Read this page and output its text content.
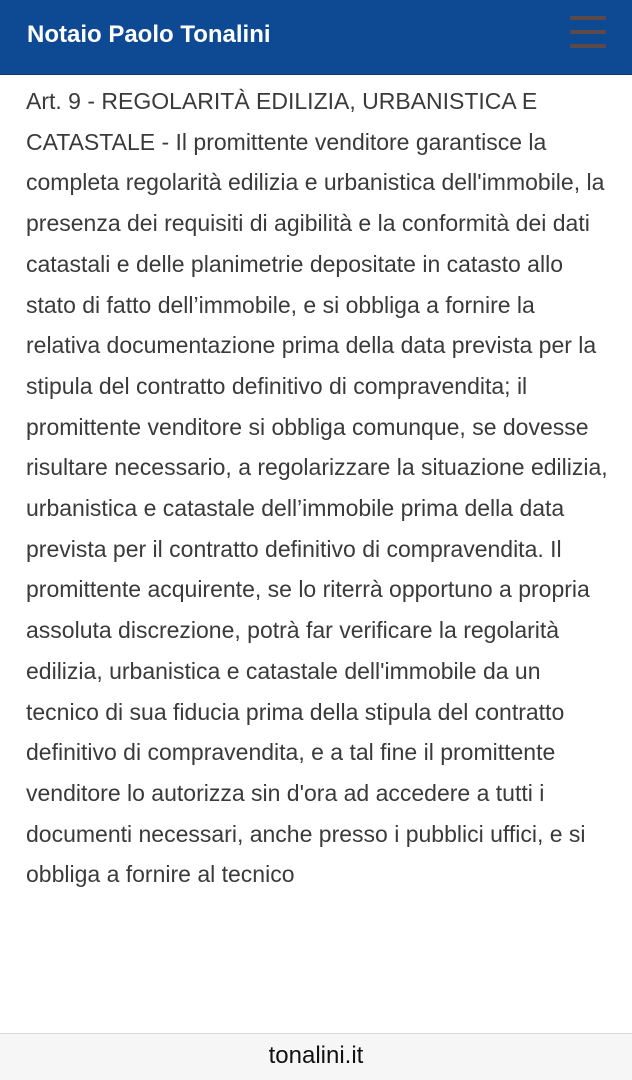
Notaio Paolo Tonalini

Art. 9 - REGOLARITÀ EDILIZIA, URBANISTICA E CATASTALE - Il promittente venditore garantisce la completa regolarità edilizia e urbanistica dell'immobile, la presenza dei requisiti di agibilità e la conformità dei dati catastali e delle planimetrie depositate in catasto allo stato di fatto dell’immobile, e si obbliga a fornire la relativa documentazione prima della data prevista per la stipula del contratto definitivo di compravendita; il promittente venditore si obbliga comunque, se dovesse risultare necessario, a regolarizzare la situazione edilizia, urbanistica e catastale dell’immobile prima della data prevista per il contratto definitivo di compravendita. Il promittente acquirente, se lo riterrà opportuno a propria assoluta discrezione, potrà far verificare la regolarità edilizia, urbanistica e catastale dell'immobile da un tecnico di sua fiducia prima della stipula del contratto definitivo di compravendita, e a tal fine il promittente venditore lo autorizza sin d'ora ad accedere a tutti i documenti necessari, anche presso i pubblici uffici, e si obbliga a fornire al tecnico

tonalini.it
